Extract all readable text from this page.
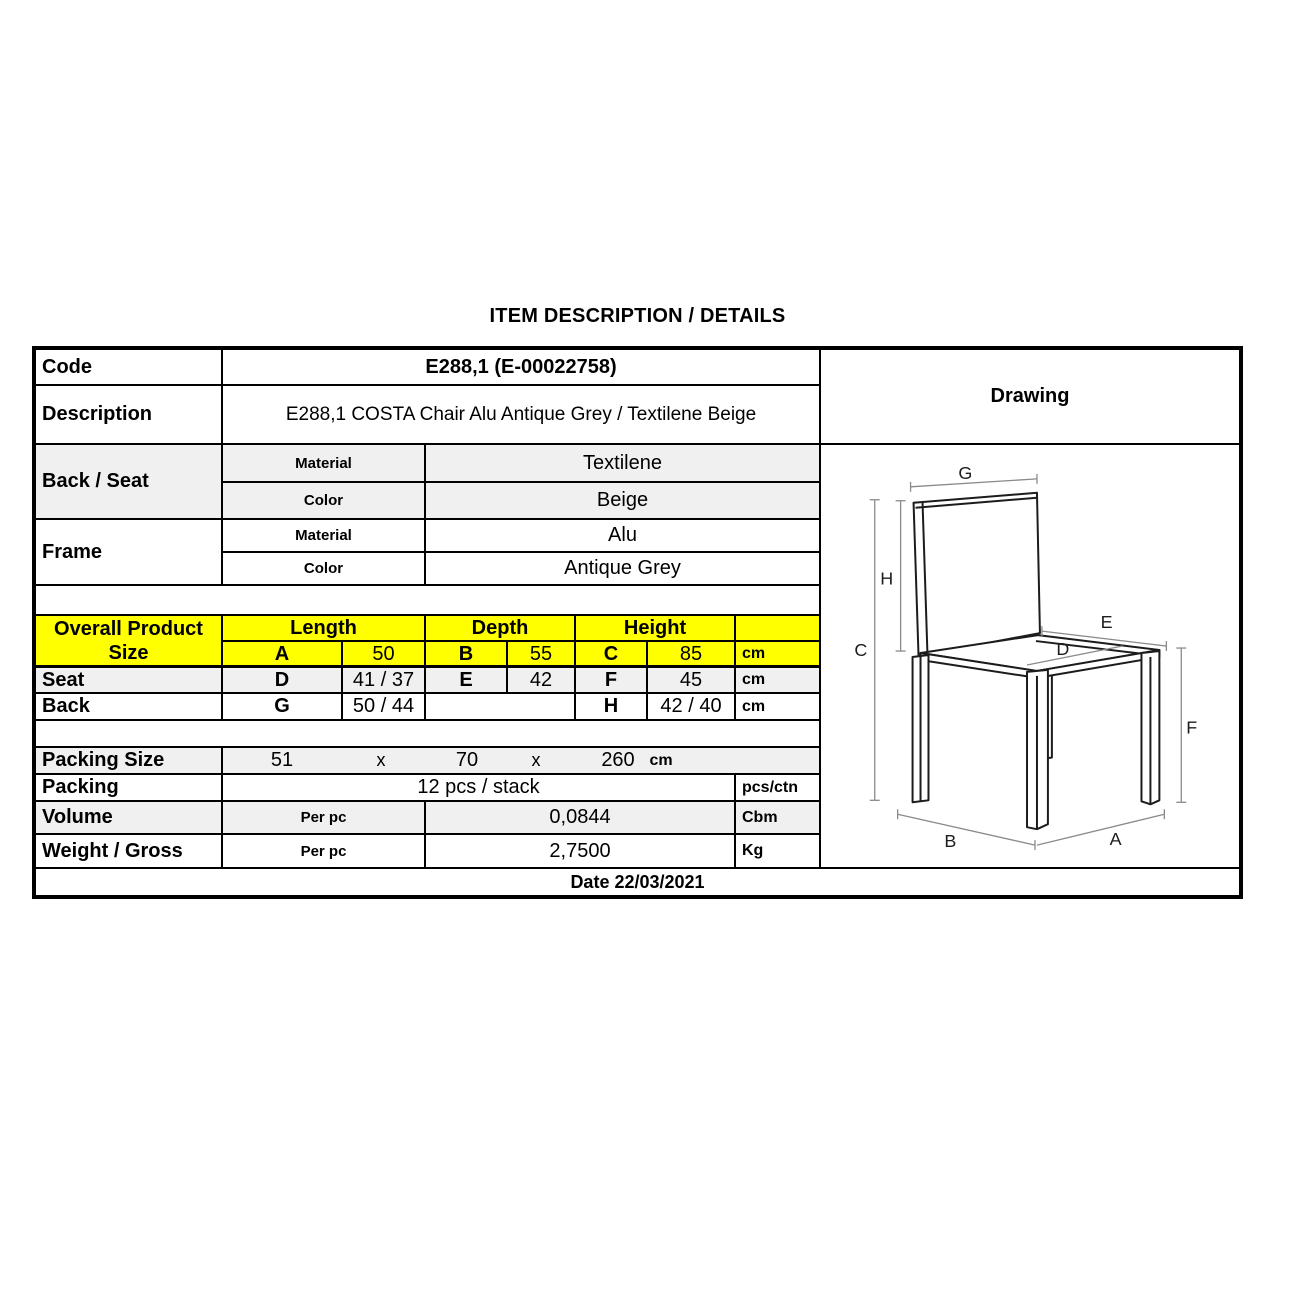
ITEM DESCRIPTION / DETAILS
Code	E288,1 (E-00022758)
Drawing
Description	E288,1 COSTA Chair Alu Antique Grey / Textilene Beige
Back / Seat
Material	Textilene
Color	Beige
Frame
Material	Alu
Color	Antique Grey
Overall Product
Size
Length	Depth	Height
A	50	B	55	C	85	cm
Seat	D	41 / 37	E	42	F	45	cm
Back	G	50 / 44	H	42 / 40	cm
Packing Size	51	x	70	x	260 cm
Packing	12 pcs / stack	pcs/ctn
Volume	Per pc	0,0844	Cbm
Weight / Gross	Per pc	2,7500	Kg
Date 22/03/2021
G
H
C
E
D
F
B	A
